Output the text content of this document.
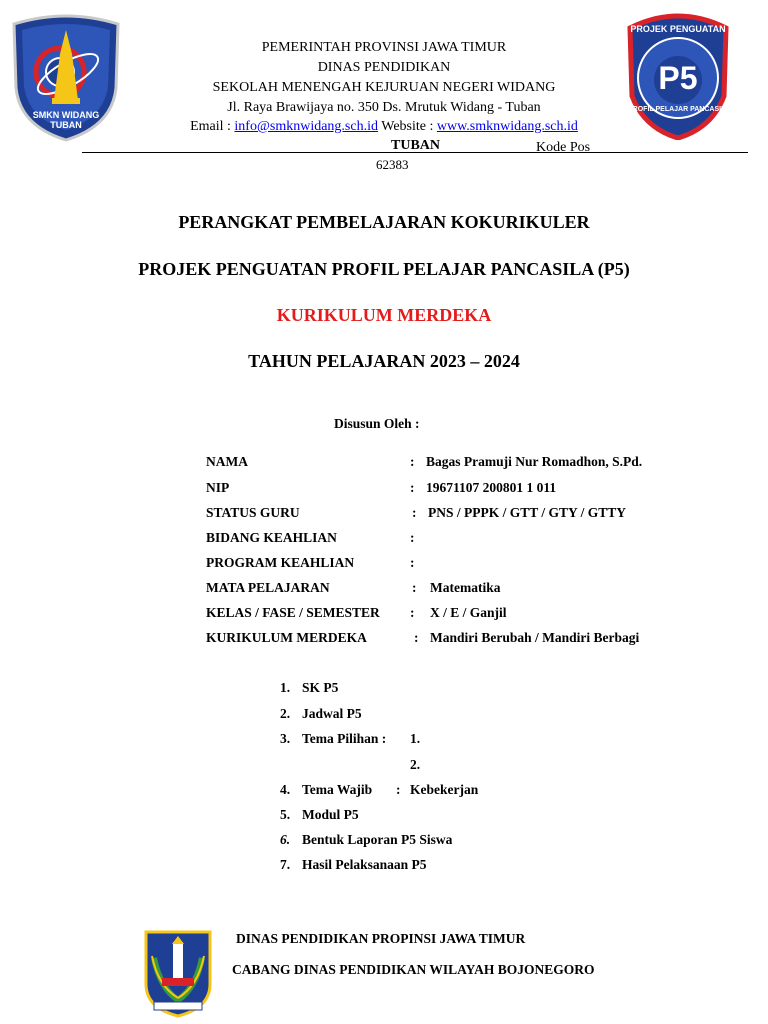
SMKN WIDANG TUBAN
PROJEK PENGUATAN
P5
PROFIL PELAJAR PANCASILA
PEMERINTAH PROVINSI JAWA TIMUR
DINAS PENDIDIKAN
SEKOLAH MENENGAH KEJURUAN NEGERI WIDANG
Jl. Raya Brawijaya no. 350 Ds. Mrutuk Widang - Tuban
Email : info@smknwidang.sch.id Website : www.smknwidang.sch.id
TUBAN	Kode Pos
62383
PERANGKAT PEMBELAJARAN KOKURIKULER
PROJEK PENGUATAN PROFIL PELAJAR PANCASILA (P5)
KURIKULUM MERDEKA
TAHUN PELAJARAN 2023 – 2024
Disusun Oleh :
NAMA	: Bagas Pramuji Nur Romadhon, S.Pd.
NIP	: 19671107 200801 1 011
STATUS GURU	: PNS / PPPK / GTT / GTY / GTTY
BIDANG KEAHLIAN	:
PROGRAM KEAHLIAN	:
MATA PELAJARAN	: Matematika
KELAS / FASE / SEMESTER : X / E / Ganjil
KURIKULUM MERDEKA	: Mandiri Berubah / Mandiri Berbagi
1. SK P5
2. Jadwal P5
3. Tema Pilihan : 1.
2.
4. Tema Wajib : Kebekerjan
5. Modul P5
6. Bentuk Laporan P5 Siswa
7. Hasil Pelaksanaan P5
DINAS PENDIDIKAN PROPINSI JAWA TIMUR
CABANG DINAS PENDIDIKAN WILAYAH BOJONEGORO
